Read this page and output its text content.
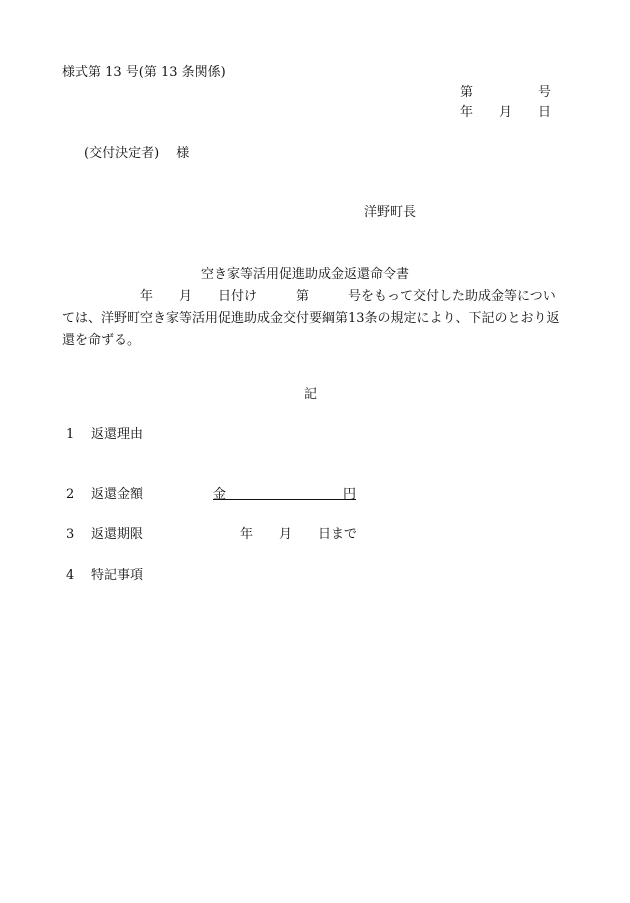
様式第 13 号(第 13 条関係)
第　　　　　号
年　　月　　日
(交付決定者)　 様
洋野町長
空き家等活用促進助成金返還命令書
　　　　　　年　　月　　日付け　　　第　　　号をもって交付した助成金等については、洋野町空き家等活用促進助成金交付要綱第13条の規定により、下記のとおり返還を命ずる。
記
1 返還理由
2 返還金額	金　　　　　　　　　円
3 返還期限	年　　月　　日まで
4 特記事項
